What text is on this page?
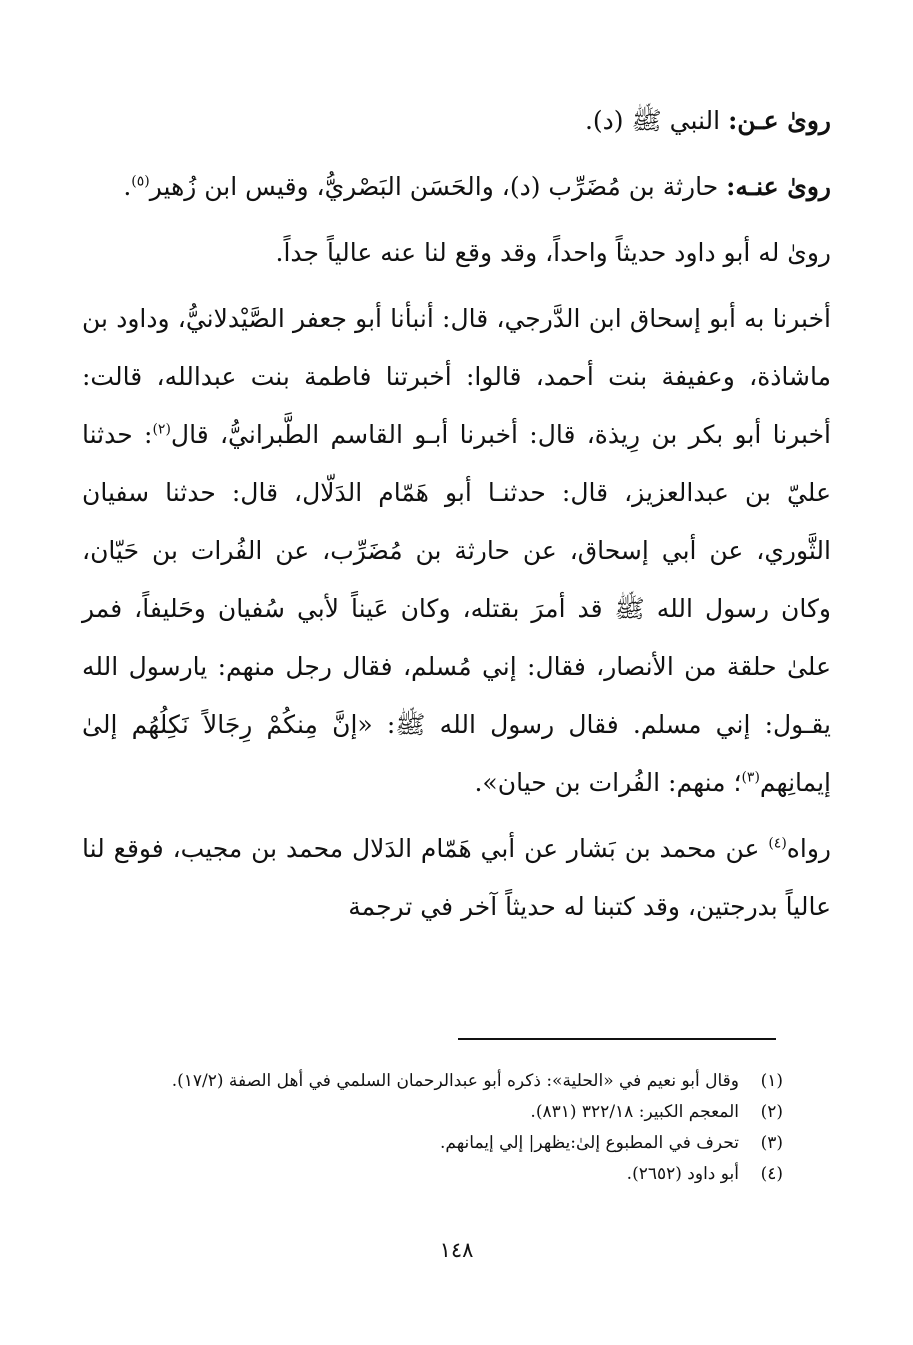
روىٰ عـن: النبي ﷺ (د).

روىٰ عنـه: حارثة بن مُضَرِّب (د)، والحَسَن البَصْريُّ، وقيس ابن زُهير$^{(٥)}$.

روىٰ له أبو داود حديثاً واحداً، وقد وقع لنا عنه عالياً جداً.

أخبرنا به أبو إسحاق ابن الدَّرجي، قال: أنبأنا أبو جعفر الصَّيْدلانيُّ، وداود بن ماشاذة، وعفيفة بنت أحمد، قالوا: أخبرتنا فاطمة بنت عبدالله، قالت: أخبرنا أبو بكر بن رِيذة، قال: أخبرنا أبـو القاسم الطَّبرانيُّ، قال$^{(٢)}$: حدثنا عليّ بن عبدالعزيز، قال: حدثنـا أبو هَمّام الدَلّال، قال: حدثنا سفيان الثَّوري، عن أبي إسحاق، عن حارثة بن مُضَرِّب، عن الفُرات بن حَيّان، وكان رسول الله ﷺ قد أمرَ بقتله، وكان عَيناً لأبي سُفيان وحَليفاً، فمر علىٰ حلقة من الأنصار، فقال: إني مُسلم، فقال رجل منهم: يارسول الله يقـول: إني مسلم. فقال رسول الله ﷺ: «إنَّ مِنكُمْ رِجَالاً نَكِلُهُم إلىٰ إيمانِهم$^{(٣)}$؛ منهم: الفُرات بن حيان».

رواه$^{(٤)}$ عن محمد بن بَشار عن أبي هَمّام الدَلال محمد بن مجيب، فوقع لنا عالياً بدرجتين، وقد كتبنا له حديثاً آخر في ترجمة

(١)
وقال أبو نعيم في «الحلية»: ذكره أبو عبدالرحمان السلمي في أهل الصفة (١٧/٢).
(٢)
المعجم الكبير: ٣٢٢/١٨ (٨٣١).
(٣)
تحرف في المطبوع إلىٰ:يظهر| إلي إيمانهم.
(٤)
أبو داود (٢٦٥٢).
١٤٨
